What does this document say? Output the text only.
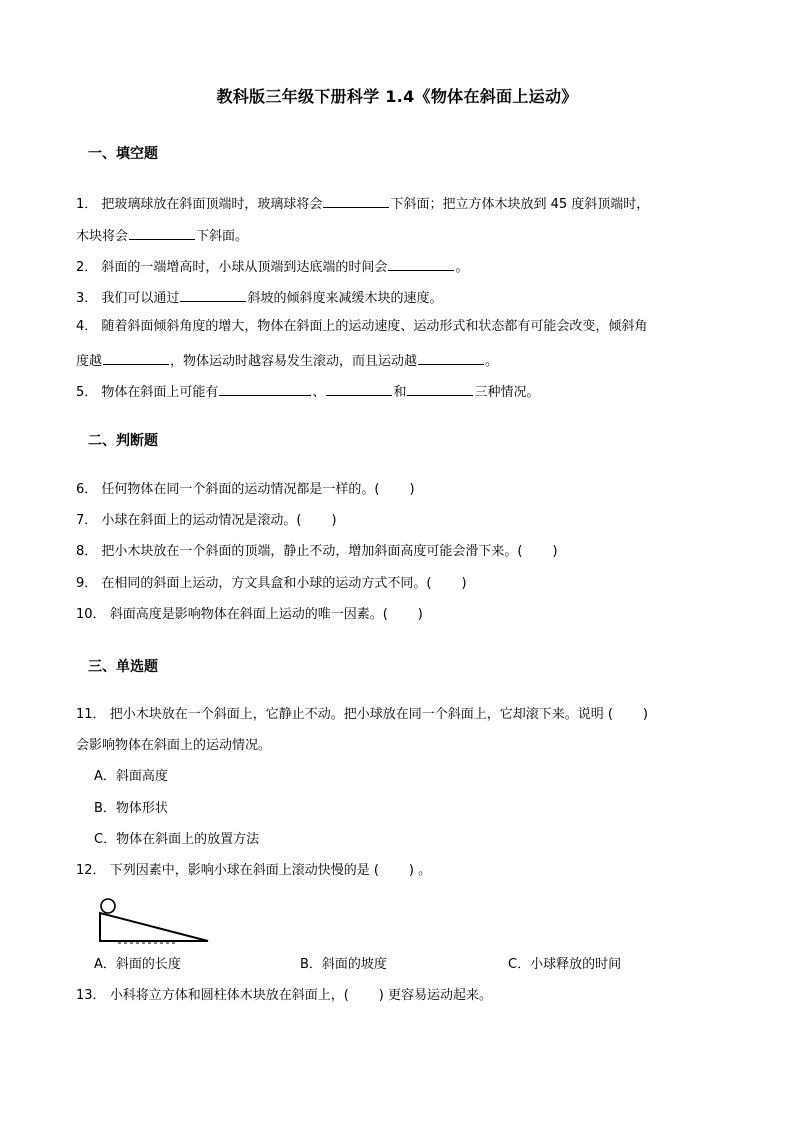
教科版三年级下册科学 1.4《物体在斜面上运动》
一、填空题
1． 把玻璃球放在斜面顶端时，玻璃球将会	下斜面；把立方体木块放到 45 度斜顶端时，
木块将会	下斜面。
2． 斜面的一端增高时，小球从顶端到达底端的时间会	。
3． 我们可以通过	斜坡的倾斜度来减缓木块的速度。
4． 随着斜面倾斜角度的增大，物体在斜面上的运动速度、运动形式和状态都有可能会改变，倾斜角
度越	，物体运动时越容易发生滚动，而且运动越	。
5． 物体在斜面上可能有	、	和	三种情况。
二、判断题
6． 任何物体在同一个斜面的运动情况都是一样的。( )
7． 小球在斜面上的运动情况是滚动。( )
8． 把小木块放在一个斜面的顶端，静止不动，增加斜面高度可能会滑下来。( )
9． 在相同的斜面上运动，方文具盒和小球的运动方式不同。( )
10． 斜面高度是影响物体在斜面上运动的唯一因素。( )
三、单选题
11． 把小木块放在一个斜面上，它静止不动。把小球放在同一个斜面上，它却滚下来。说明 ( )
会影响物体在斜面上的运动情况。
A．斜面高度
B．物体形状
C．物体在斜面上的放置方法
12． 下列因素中，影响小球在斜面上滚动快慢的是 ( ) 。
A．斜面的长度	B．斜面的坡度	C．小球释放的时间
13． 小科将立方体和圆柱体木块放在斜面上，( ) 更容易运动起来。
